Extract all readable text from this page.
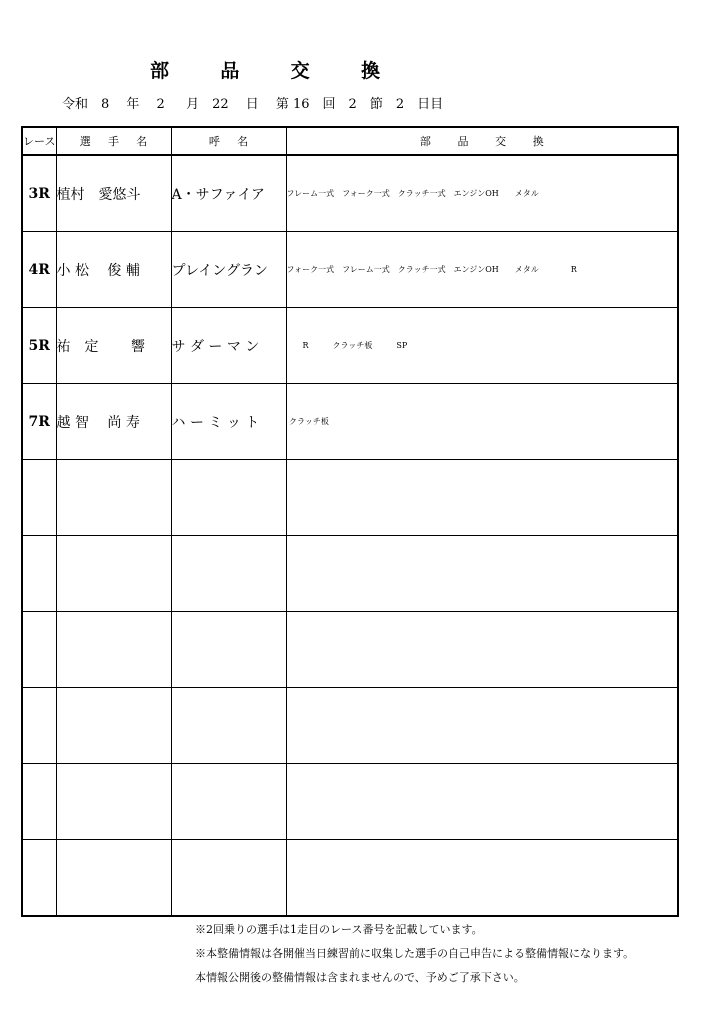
部	品	交	換
令和　8　 年 　2 　 月　22 　日　 第 16　回　2　節　2　日目
レース	選 手 名	呼 名	部 品 交 換

3R	植村　愛悠斗	A・サファイア	フレーム一式　フォーク一式　クラッチ一式　エンジンOH　　メタル
4R	小 松　 俊 輔	プレイングラン	フォーク一式　フレーム一式　クラッチ一式　エンジンOH　　メタル　　　　R
5R	祐　定　　 響	サ ダ ー マ ン	　　R　　　クラッチ板　　　SP
7R	越 智　 尚 寿	ハ ー ミ ッ ト	クラッチ板

※2回乗りの選手は1走目のレース番号を記載しています。
※本整備情報は各開催当日練習前に収集した選手の自己申告による整備情報になります。
本情報公開後の整備情報は含まれませんので、予めご了承下さい。
